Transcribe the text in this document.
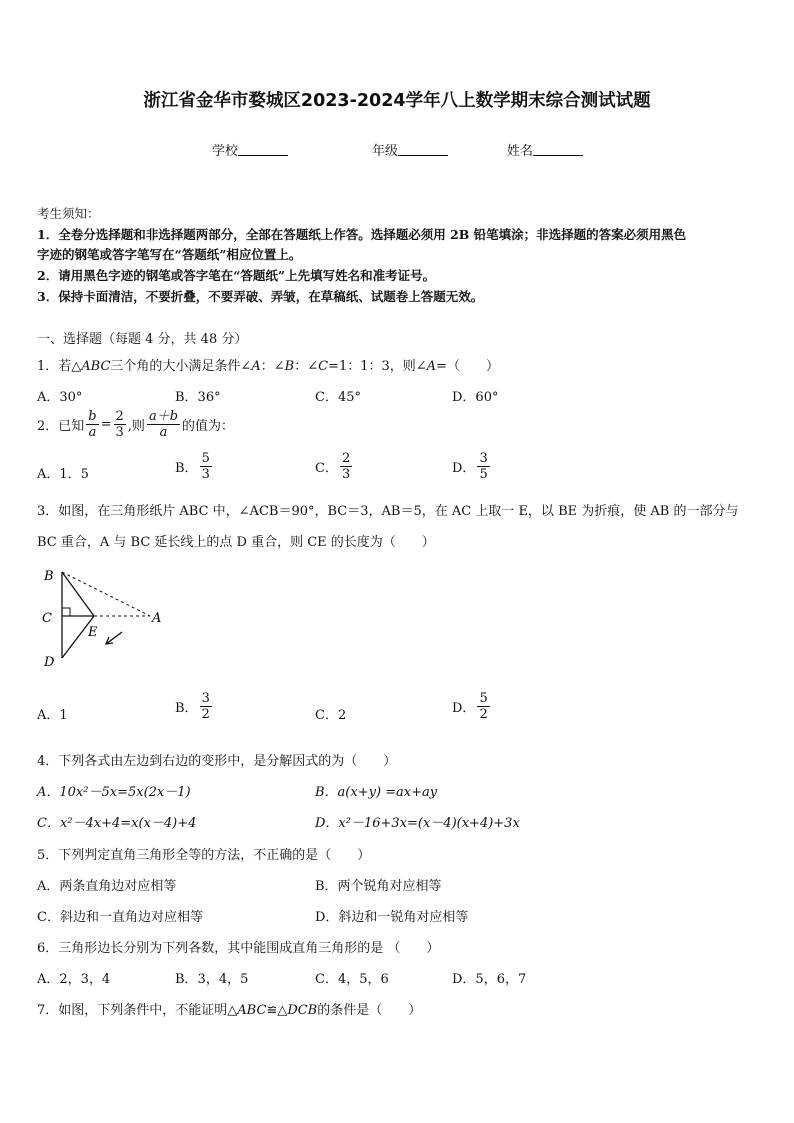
浙江省金华市婺城区2023-2024学年八上数学期末综合测试试题
学校	年级	姓名
考生须知：
1．全卷分选择题和非选择题两部分，全部在答题纸上作答。选择题必须用 2B 铅笔填涂；非选择题的答案必须用黑色
字迹的钢笔或答字笔写在“答题纸”相应位置上。
2．请用黑色字迹的钢笔或答字笔在“答题纸”上先填写姓名和准考证号。
3．保持卡面清洁，不要折叠，不要弄破、弄皱，在草稿纸、试题卷上答题无效。
一、选择题（每题 4 分，共 48 分）
1．若△ABC三个角的大小满足条件∠A：∠B：∠C=1：1：3，则∠A=（　　）
A．30°	B．36°	C．45°	D．60°
2．已知 $\frac{b}{a} = \frac{2}{3}$ ,则 $\frac{a+b}{a}$ 的值为：
A．1．5	B． $\frac{5}{3}$	C． $\frac{2}{3}$	D． $\frac{3}{5}$
3．如图，在三角形纸片 ABC 中，∠ACB＝90°，BC＝3，AB＝5，在 AC 上取一 E，以 BE 为折痕，使 AB 的一部分与
BC 重合，A 与 BC 延长线上的点 D 重合，则 CE 的长度为（　　）
B
C	A
E
D
A．1	B． $\frac{3}{2}$	C．2	D． $\frac{5}{2}$
4．下列各式由左边到右边的变形中，是分解因式的为（　　）
A．10x²－5x=5x(2x－1)	B．a(x+y) =ax+ay
C．x²－4x+4=x(x－4)+4	D．x²－16+3x=(x－4)(x+4)+3x
5．下列判定直角三角形全等的方法，不正确的是（　　）
A．两条直角边对应相等	B．两个锐角对应相等
C．斜边和一直角边对应相等	D．斜边和一锐角对应相等
6．三角形边长分别为下列各数，其中能围成直角三角形的是 （　　）
A．2，3，4	B．3，4，5	C．4，5，6	D．5，6，7
7．如图，下列条件中，不能证明△ABC≌△DCB的条件是（　　）
